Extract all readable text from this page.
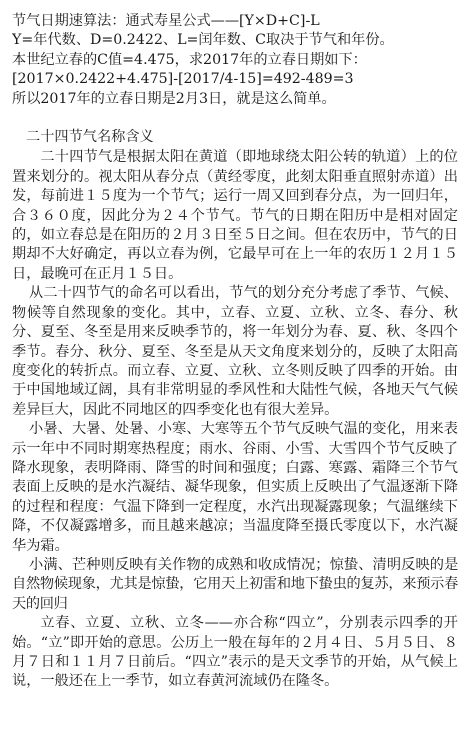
节气日期速算法：通式寿星公式——[Y×D+C]-L
Y=年代数、D=0.2422、L=闰年数、C取决于节气和年份。
本世纪立春的C值=4.475，求2017年的立春日期如下：
[2017×0.2422+4.475]-[2017/4-15]=492-489=3
所以2017年的立春日期是2月3日，就是这么简单。
二十四节气名称含义

二十四节气是根据太阳在黄道（即地球绕太阳公转的轨道）上的位置来划分的。视太阳从春分点（黄经零度，此刻太阳垂直照射赤道）出发，每前进１５度为一个节气；运行一周又回到春分点，为一回归年，合３６０度，因此分为２４个节气。节气的日期在阳历中是相对固定的，如立春总是在阳历的２月３日至５日之间。但在农历中，节气的日期却不大好确定，再以立春为例，它最早可在上一年的农历１２月１５日，最晚可在正月１５日。

从二十四节气的命名可以看出，节气的划分充分考虑了季节、气候、物候等自然现象的变化。其中，立春、立夏、立秋、立冬、春分、秋分、夏至、冬至是用来反映季节的，将一年划分为春、夏、秋、冬四个季节。春分、秋分、夏至、冬至是从天文角度来划分的，反映了太阳高度变化的转折点。而立春、立夏、立秋、立冬则反映了四季的开始。由于中国地域辽阔，具有非常明显的季风性和大陆性气候，各地天气气候差异巨大，因此不同地区的四季变化也有很大差异。

小暑、大暑、处暑、小寒、大寒等五个节气反映气温的变化，用来表示一年中不同时期寒热程度；雨水、谷雨、小雪、大雪四个节气反映了降水现象，表明降雨、降雪的时间和强度；白露、寒露、霜降三个节气表面上反映的是水汽凝结、凝华现象，但实质上反映出了气温逐渐下降的过程和程度：气温下降到一定程度，水汽出现凝露现象；气温继续下降，不仅凝露增多，而且越来越凉；当温度降至摄氏零度以下，水汽凝华为霜。

小满、芒种则反映有关作物的成熟和收成情况；惊蛰、清明反映的是自然物候现象，尤其是惊蛰，它用天上初雷和地下蛰虫的复苏，来预示春天的回归

立春、立夏、立秋、立冬——亦合称“四立”，分别表示四季的开始。“立”即开始的意思。公历上一般在每年的２月４日、５月５日、８月７日和１１月７日前后。“四立”表示的是天文季节的开始，从气候上说，一般还在上一季节，如立春黄河流域仍在隆冬。
